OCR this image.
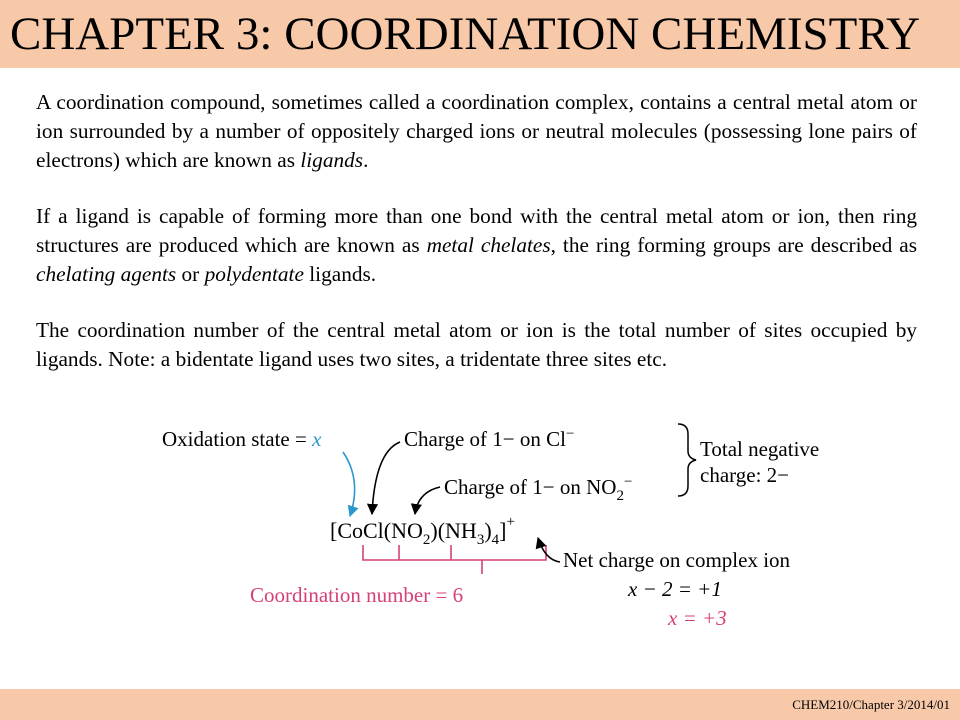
CHAPTER 3: COORDINATION CHEMISTRY

A coordination compound, sometimes called a coordination complex, contains a central metal atom or ion surrounded by a number of oppositely charged ions or neutral molecules (possessing lone pairs of electrons) which are known as ligands.

If a ligand is capable of forming more than one bond with the central metal atom or ion, then ring structures are produced which are known as metal chelates, the ring forming groups are described as chelating agents or polydentate ligands.

The coordination number of the central metal atom or ion is the total number of sites occupied by ligands. Note: a bidentate ligand uses two sites, a tridentate three sites etc.

Oxidation state = x	Charge of 1− on Cl−
Charge of 1− on $NO_2^-$
Total negative
charge: 2−
$[CoCl(NO_2)(NH_3)_4]^+$
Coordination number = 6
Net charge on complex ion
x − 2 = +1
x = +3
CHEM210/Chapter 3/2014/01
